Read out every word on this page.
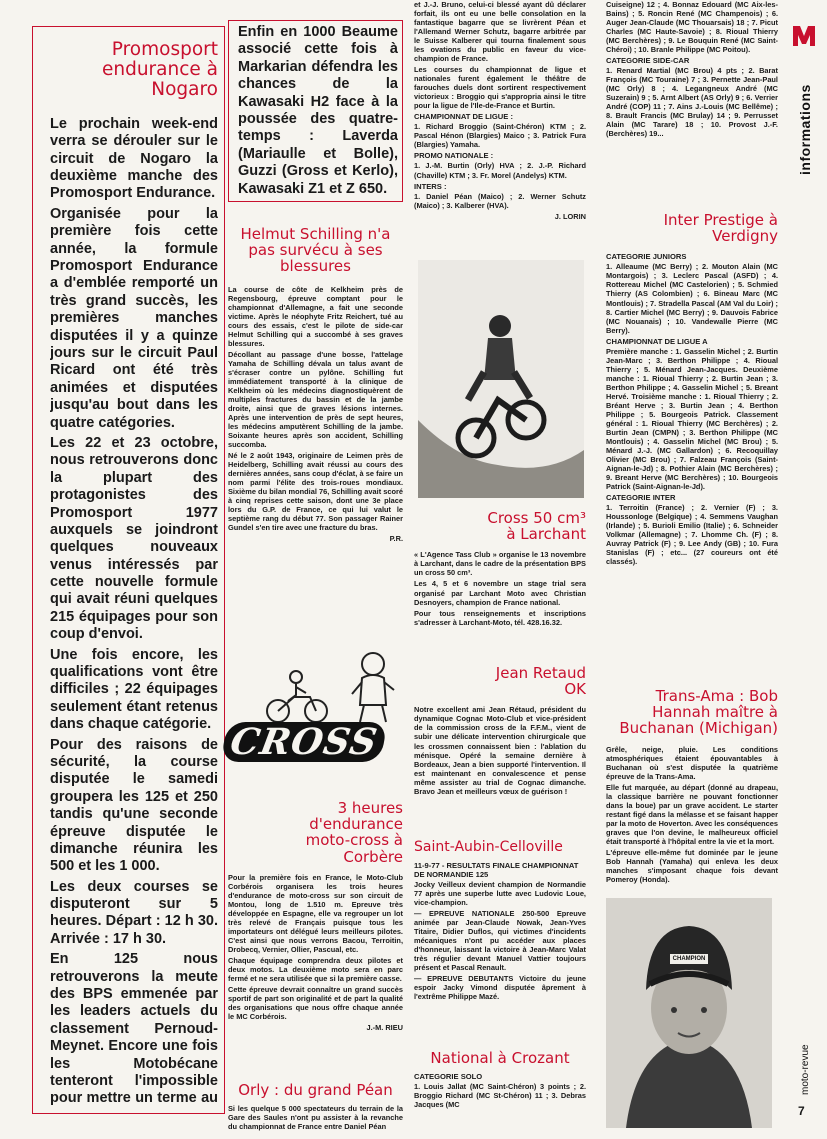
Promosport endurance à Nogaro

Le prochain week-end verra se dérouler sur le circuit de Nogaro la deuxième manche des Promosport Endurance.

Organisée pour la première fois cette année, la formule Promosport Endurance a d'emblée remporté un très grand succès, les premières manches disputées il y a quinze jours sur le circuit Paul Ricard ont été très animées et disputées jusqu'au bout dans les quatre catégories.

Les 22 et 23 octobre, nous retrouverons donc la plupart des protagonistes des Promosport 1977 auxquels se joindront quelques nouveaux venus intéressés par cette nouvelle formule qui avait réuni quelques 215 équipages pour son coup d'envoi.

Une fois encore, les qualifications vont être difficiles ; 22 équipages seulement étant retenus dans chaque catégorie.

Pour des raisons de sécurité, la course disputée le samedi groupera les 125 et 250 tandis qu'une seconde épreuve disputée le dimanche réunira les 500 et les 1 000.

Les deux courses se disputeront sur 5 heures. Départ : 12 h 30. Arrivée : 17 h 30.

En 125 nous retrouverons la meute des BPS emmenée par les leaders actuels du classement Pernoud-Meynet. Encore une fois les Motobécane tenteront l'impossible pour mettre un terme au

Enfin en 1000 Beaume associé cette fois à Markarian défendra les chances de la Kawasaki H2 face à la poussée des quatre-temps : Laverda (Mariaulle et Bolle), Guzzi (Gross et Kerlo), Kawasaki Z1 et Z 650.

Helmut Schilling n'a pas survécu à ses blessures

La course de côte de Kelkheim près de Regensbourg, épreuve comptant pour le championnat d'Allemagne, a fait une seconde victime. Après le néophyte Fritz Reichert, tué au cours des essais, c'est le pilote de side-car Helmut Schilling qui a succombé à ses graves blessures.

Décollant au passage d'une bosse, l'attelage Yamaha de Schilling dévala un talus avant de s'écraser contre un pylône. Schilling fut immédiatement transporté à la clinique de Kelkheim où les médecins diagnostiquèrent de multiples fractures du bassin et de la jambe droite, ainsi que de graves lésions internes. Après une intervention de près de sept heures, les médecins amputèrent Schilling de la jambe. Soixante heures après son accident, Schilling succomba.

Né le 2 août 1943, originaire de Leimen près de Heidelberg, Schilling avait réussi au cours des dernières années, sans coup d'éclat, à se faire un nom parmi l'élite des trois-roues mondiaux. Sixième du bilan mondial 76, Schilling avait scoré à cinq reprises cette saison, dont une 3e place lors du G.P. de France, ce qui lui valut le septième rang du début 77. Son passager Rainer Gundel s'en tire avec une fracture du bras.

P.R.

CROSS
3 heures d'endurance moto-cross à Corbère

Pour la première fois en France, le Moto-Club Corbérois organisera les trois heures d'endurance de moto-cross sur son circuit de Montou, long de 1.510 m. Epreuve très développée en Espagne, elle va regrouper un lot très relevé de Français puisque tous les importateurs ont délégué leurs meilleurs pilotes. C'est ainsi que nous verrons Bacou, Terroitin, Drobecq, Vernier, Ollier, Pascual, etc.

Chaque équipage comprendra deux pilotes et deux motos. La deuxième moto sera en parc fermé et ne sera utilisée que si la première casse.

Cette épreuve devrait connaître un grand succès sportif de part son originalité et de part la qualité des organisations que nous offre chaque année le MC Corbérois.

J.-M. RIEU

Orly : du grand Péan

Si les quelque 5 000 spectateurs du terrain de la Gare des Saules n'ont pu assister à la revanche du championnat de France entre Daniel Péan

et J.-J. Bruno, celui-ci blessé ayant dû déclarer forfait, ils ont eu une belle consolation en la fantastique bagarre que se livrèrent Péan et l'Allemand Werner Schutz, bagarre arbitrée par le Suisse Kalberer qui tourna finalement sous les ovations du public en faveur du vice-champion de France.

Les courses du championnat de ligue et nationales furent également le théâtre de farouches duels dont sortirent respectivement victorieux : Broggio qui s'appropria ainsi le titre pour la ligue de l'Ile-de-France et Burtin.

CHAMPIONNAT DE LIGUE :

1. Richard Broggio (Saint-Chéron) KTM ; 2. Pascal Hénon (Blargies) Maico ; 3. Patrick Fura (Blargies) Yamaha.

PROMO NATIONALE :

1. J.-M. Burtin (Orly) HVA ; 2. J.-P. Richard (Chaville) KTM ; 3. Fr. Morel (Andelys) KTM.

INTERS :

1. Daniel Péan (Maico) ; 2. Werner Schutz (Maico) ; 3. Kalberer (HVA).

J. LORIN

Cross 50 cm³ à Larchant

« L'Agence Tass Club » organise le 13 novembre à Larchant, dans le cadre de la présentation BPS un cross 50 cm³.

Les 4, 5 et 6 novembre un stage trial sera organisé par Larchant Moto avec Christian Desnoyers, champion de France national.

Pour tous renseignements et inscriptions s'adresser à Larchant-Moto, tél. 428.16.32.

Jean Retaud OK

Notre excellent ami Jean Rétaud, président du dynamique Cognac Moto-Club et vice-président de la commission cross de la F.F.M., vient de subir une délicate intervention chirurgicale que les crossmen connaissent bien : l'ablation du ménisque. Opéré la semaine dernière à Bordeaux, Jean a bien supporté l'intervention. Il est maintenant en convalescence et pense même assister au trial de Cognac dimanche. Bravo Jean et meilleurs vœux de guérison !

Saint-Aubin-Celloville

11-9-77 - RESULTATS FINALE CHAMPIONNAT DE NORMANDIE 125

Jocky Veilleux devient champion de Normandie 77 après une superbe lutte avec Ludovic Loue, vice-champion.

— EPREUVE NATIONALE 250-500 Epreuve animée par Jean-Claude Nowak, Jean-Yves Titaire, Didier Duflos, qui victimes d'incidents mécaniques n'ont pu accéder aux places d'honneur, laissant la victoire à Jean-Marc Valat très régulier devant Manuel Vattier toujours présent et Pascal Renault.

— EPREUVE DEBUTANTS Victoire du jeune espoir Jacky Vimond disputée âprement à l'extrême Philippe Mazé.

National à Crozant

CATEGORIE SOLO

1. Louis Jallat (MC Saint-Chéron) 3 points ; 2. Broggio Richard (MC St-Chéron) 11 ; 3. Debras Jacques (MC

Cuiseigne) 12 ; 4. Bonnaz Edouard (MC Aix-les-Bains) ; 5. Roncin René (MC Champenois) ; 6. Auger Jean-Claude (MC Thouarsais) 18 ; 7. Picut Charles (MC Haute-Savoie) ; 8. Rioual Thierry (MC Berchères) ; 9. Le Bouquin René (MC Saint-Chéroi) ; 10. Branle Philippe (MC Poitou).

CATEGORIE SIDE-CAR

1. Renard Martial (MC Brou) 4 pts ; 2. Barat François (MC Touraine) 7 ; 3. Pernette Jean-Paul (MC Orly) 8 ; 4. Legangneux André (MC Suzerain) 9 ; 5. Arnt Albert (AS Orly) 9 ; 6. Verrier André (COP) 11 ; 7. Ains J.-Louis (MC Bellême) ; 8. Brault Francis (MC Brulay) 14 ; 9. Perrusset Alain (MC Tarare) 18 ; 10. Provost J.-F. (Berchères) 19...

Inter Prestige à Verdigny

CATEGORIE JUNIORS

1. Alleaume (MC Berry) ; 2. Mouton Alain (MC Montargois) ; 3. Leclerc Pascal (ASFD) ; 4. Rottereau Michel (MC Castelorien) ; 5. Schmied Thierry (AS Colombien) ; 6. Bineau Marc (MC Montlouis) ; 7. Stradella Pascal (AM Val du Loir) ; 8. Cartier Michel (MC Berry) ; 9. Dauvois Fabrice (MC Nouanais) ; 10. Vandewalle Pierre (MC Berry).

CHAMPIONNAT DE LIGUE A

Première manche : 1. Gasselin Michel ; 2. Burtin Jean-Marc ; 3. Berthon Philippe ; 4. Rioual Thierry ; 5. Ménard Jean-Jacques. Deuxième manche : 1. Rioual Thierry ; 2. Burtin Jean ; 3. Berthon Philippe ; 4. Gasselin Michel ; 5. Breant Hervé. Troisième manche : 1. Rioual Thierry ; 2. Bréant Herve ; 3. Burtin Jean ; 4. Berthon Philippe ; 5. Bourgeois Patrick. Classement général : 1. Rioual Thierry (MC Berchères) ; 2. Burtin Jean (CMPN) ; 3. Berthon Philippe (MC Montlouis) ; 4. Gasselin Michel (MC Brou) ; 5. Ménard J.-J. (MC Gallardon) ; 6. Recoquillay Olivier (MC Brou) ; 7. Falzeau François (Saint-Aignan-le-Jd) ; 8. Pothier Alain (MC Berchères) ; 9. Breant Herve (MC Berchères) ; 10. Bourgeois Patrick (Saint-Aignan-le-Jd).

CATEGORIE INTER

1. Terroitin (France) ; 2. Vernier (F) ; 3. Houssonloge (Belgique) ; 4. Semmens Vaughan (Irlande) ; 5. Burioli Emilio (Italie) ; 6. Schneider Volkmar (Allemagne) ; 7. Lhomme Ch. (F) ; 8. Auvray Patrick (F) ; 9. Lee Andy (GB) ; 10. Fura Stanislas (F) ; etc... (27 coureurs ont été classés).

Trans-Ama : Bob Hannah maître à Buchanan (Michigan)

Grêle, neige, pluie. Les conditions atmosphériques étaient épouvantables à Buchanan où s'est disputée la quatrième épreuve de la Trans-Ama.

Elle fut marquée, au départ (donné au drapeau, la classique barrière ne pouvant fonctionner dans la boue) par un grave accident. Le starter restant figé dans la mélasse et se faisant happer par la moto de Hoverton. Avec les conséquences graves que l'on devine, le malheureux officiel était transporté à l'hôpital entre la vie et la mort.

L'épreuve elle-même fut dominée par le jeune Bob Hannah (Yamaha) qui enleva les deux manches s'imposant chaque fois devant Pomeroy (Honda).

CHAMPION
informations
moto-revue
7
